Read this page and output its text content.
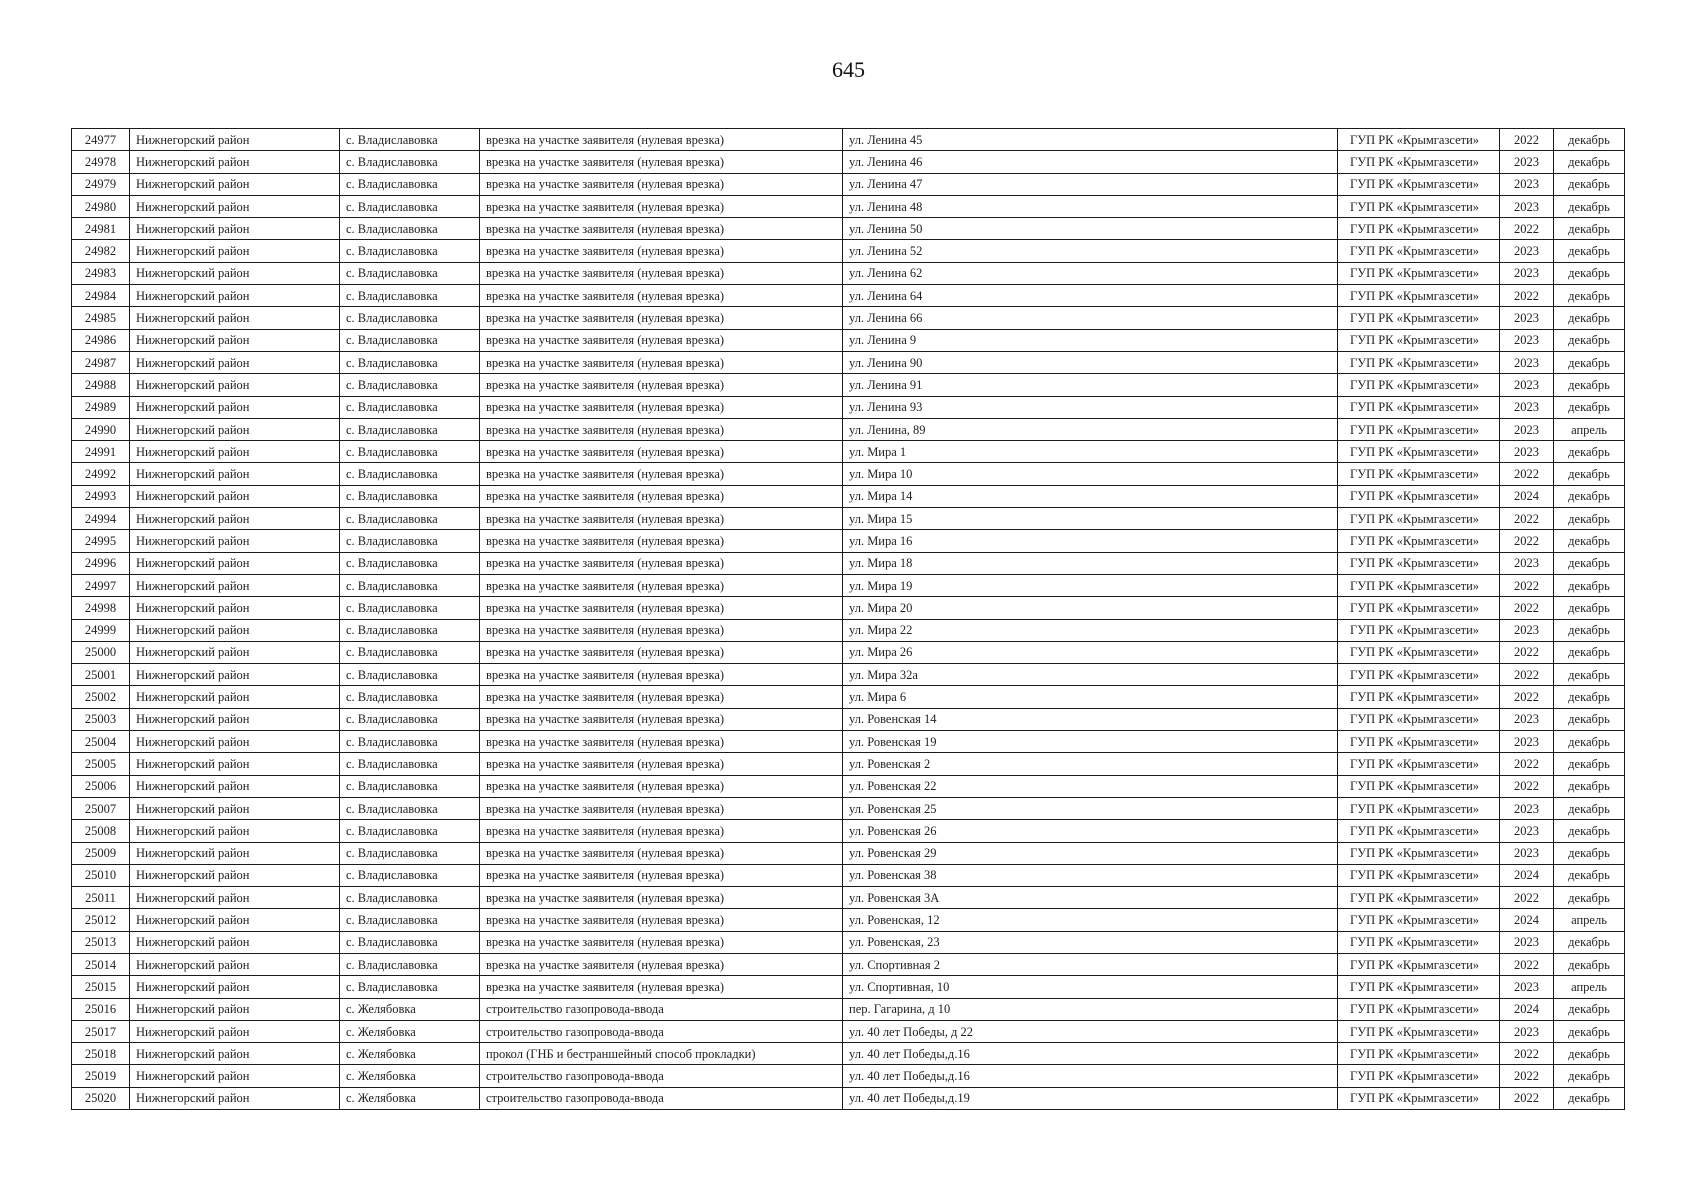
645
24977	Нижнегорский район	с. Владиславовка	врезка на участке заявителя (нулевая врезка)	ул. Ленина 45	ГУП РК «Крымгазсети»	2022	декабрь
24978	Нижнегорский район	с. Владиславовка	врезка на участке заявителя (нулевая врезка)	ул. Ленина 46	ГУП РК «Крымгазсети»	2023	декабрь
24979	Нижнегорский район	с. Владиславовка	врезка на участке заявителя (нулевая врезка)	ул. Ленина 47	ГУП РК «Крымгазсети»	2023	декабрь
24980	Нижнегорский район	с. Владиславовка	врезка на участке заявителя (нулевая врезка)	ул. Ленина 48	ГУП РК «Крымгазсети»	2023	декабрь
24981	Нижнегорский район	с. Владиславовка	врезка на участке заявителя (нулевая врезка)	ул. Ленина 50	ГУП РК «Крымгазсети»	2022	декабрь
24982	Нижнегорский район	с. Владиславовка	врезка на участке заявителя (нулевая врезка)	ул. Ленина 52	ГУП РК «Крымгазсети»	2023	декабрь
24983	Нижнегорский район	с. Владиславовка	врезка на участке заявителя (нулевая врезка)	ул. Ленина 62	ГУП РК «Крымгазсети»	2023	декабрь
24984	Нижнегорский район	с. Владиславовка	врезка на участке заявителя (нулевая врезка)	ул. Ленина 64	ГУП РК «Крымгазсети»	2022	декабрь
24985	Нижнегорский район	с. Владиславовка	врезка на участке заявителя (нулевая врезка)	ул. Ленина 66	ГУП РК «Крымгазсети»	2023	декабрь
24986	Нижнегорский район	с. Владиславовка	врезка на участке заявителя (нулевая врезка)	ул. Ленина 9	ГУП РК «Крымгазсети»	2023	декабрь
24987	Нижнегорский район	с. Владиславовка	врезка на участке заявителя (нулевая врезка)	ул. Ленина 90	ГУП РК «Крымгазсети»	2023	декабрь
24988	Нижнегорский район	с. Владиславовка	врезка на участке заявителя (нулевая врезка)	ул. Ленина 91	ГУП РК «Крымгазсети»	2023	декабрь
24989	Нижнегорский район	с. Владиславовка	врезка на участке заявителя (нулевая врезка)	ул. Ленина 93	ГУП РК «Крымгазсети»	2023	декабрь
24990	Нижнегорский район	с. Владиславовка	врезка на участке заявителя (нулевая врезка)	ул. Ленина, 89	ГУП РК «Крымгазсети»	2023	апрель
24991	Нижнегорский район	с. Владиславовка	врезка на участке заявителя (нулевая врезка)	ул. Мира 1	ГУП РК «Крымгазсети»	2023	декабрь
24992	Нижнегорский район	с. Владиславовка	врезка на участке заявителя (нулевая врезка)	ул. Мира 10	ГУП РК «Крымгазсети»	2022	декабрь
24993	Нижнегорский район	с. Владиславовка	врезка на участке заявителя (нулевая врезка)	ул. Мира 14	ГУП РК «Крымгазсети»	2024	декабрь
24994	Нижнегорский район	с. Владиславовка	врезка на участке заявителя (нулевая врезка)	ул. Мира 15	ГУП РК «Крымгазсети»	2022	декабрь
24995	Нижнегорский район	с. Владиславовка	врезка на участке заявителя (нулевая врезка)	ул. Мира 16	ГУП РК «Крымгазсети»	2022	декабрь
24996	Нижнегорский район	с. Владиславовка	врезка на участке заявителя (нулевая врезка)	ул. Мира 18	ГУП РК «Крымгазсети»	2023	декабрь
24997	Нижнегорский район	с. Владиславовка	врезка на участке заявителя (нулевая врезка)	ул. Мира 19	ГУП РК «Крымгазсети»	2022	декабрь
24998	Нижнегорский район	с. Владиславовка	врезка на участке заявителя (нулевая врезка)	ул. Мира 20	ГУП РК «Крымгазсети»	2022	декабрь
24999	Нижнегорский район	с. Владиславовка	врезка на участке заявителя (нулевая врезка)	ул. Мира 22	ГУП РК «Крымгазсети»	2023	декабрь
25000	Нижнегорский район	с. Владиславовка	врезка на участке заявителя (нулевая врезка)	ул. Мира 26	ГУП РК «Крымгазсети»	2022	декабрь
25001	Нижнегорский район	с. Владиславовка	врезка на участке заявителя (нулевая врезка)	ул. Мира 32а	ГУП РК «Крымгазсети»	2022	декабрь
25002	Нижнегорский район	с. Владиславовка	врезка на участке заявителя (нулевая врезка)	ул. Мира 6	ГУП РК «Крымгазсети»	2022	декабрь
25003	Нижнегорский район	с. Владиславовка	врезка на участке заявителя (нулевая врезка)	ул. Ровенская 14	ГУП РК «Крымгазсети»	2023	декабрь
25004	Нижнегорский район	с. Владиславовка	врезка на участке заявителя (нулевая врезка)	ул. Ровенская 19	ГУП РК «Крымгазсети»	2023	декабрь
25005	Нижнегорский район	с. Владиславовка	врезка на участке заявителя (нулевая врезка)	ул. Ровенская 2	ГУП РК «Крымгазсети»	2022	декабрь
25006	Нижнегорский район	с. Владиславовка	врезка на участке заявителя (нулевая врезка)	ул. Ровенская 22	ГУП РК «Крымгазсети»	2022	декабрь
25007	Нижнегорский район	с. Владиславовка	врезка на участке заявителя (нулевая врезка)	ул. Ровенская 25	ГУП РК «Крымгазсети»	2023	декабрь
25008	Нижнегорский район	с. Владиславовка	врезка на участке заявителя (нулевая врезка)	ул. Ровенская 26	ГУП РК «Крымгазсети»	2023	декабрь
25009	Нижнегорский район	с. Владиславовка	врезка на участке заявителя (нулевая врезка)	ул. Ровенская 29	ГУП РК «Крымгазсети»	2023	декабрь
25010	Нижнегорский район	с. Владиславовка	врезка на участке заявителя (нулевая врезка)	ул. Ровенская 38	ГУП РК «Крымгазсети»	2024	декабрь
25011	Нижнегорский район	с. Владиславовка	врезка на участке заявителя (нулевая врезка)	ул. Ровенская 3А	ГУП РК «Крымгазсети»	2022	декабрь
25012	Нижнегорский район	с. Владиславовка	врезка на участке заявителя (нулевая врезка)	ул. Ровенская, 12	ГУП РК «Крымгазсети»	2024	апрель
25013	Нижнегорский район	с. Владиславовка	врезка на участке заявителя (нулевая врезка)	ул. Ровенская, 23	ГУП РК «Крымгазсети»	2023	декабрь
25014	Нижнегорский район	с. Владиславовка	врезка на участке заявителя (нулевая врезка)	ул. Спортивная 2	ГУП РК «Крымгазсети»	2022	декабрь
25015	Нижнегорский район	с. Владиславовка	врезка на участке заявителя (нулевая врезка)	ул. Спортивная, 10	ГУП РК «Крымгазсети»	2023	апрель
25016	Нижнегорский район	с. Желябовка	строительство газопровода-ввода	пер. Гагарина, д 10	ГУП РК «Крымгазсети»	2024	декабрь
25017	Нижнегорский район	с. Желябовка	строительство газопровода-ввода	ул. 40 лет Победы, д 22	ГУП РК «Крымгазсети»	2023	декабрь
25018	Нижнегорский район	с. Желябовка	прокол (ГНБ и бестраншейный способ прокладки)	ул. 40 лет Победы,д.16	ГУП РК «Крымгазсети»	2022	декабрь
25019	Нижнегорский район	с. Желябовка	строительство газопровода-ввода	ул. 40 лет Победы,д.16	ГУП РК «Крымгазсети»	2022	декабрь
25020	Нижнегорский район	с. Желябовка	строительство газопровода-ввода	ул. 40 лет Победы,д.19	ГУП РК «Крымгазсети»	2022	декабрь
